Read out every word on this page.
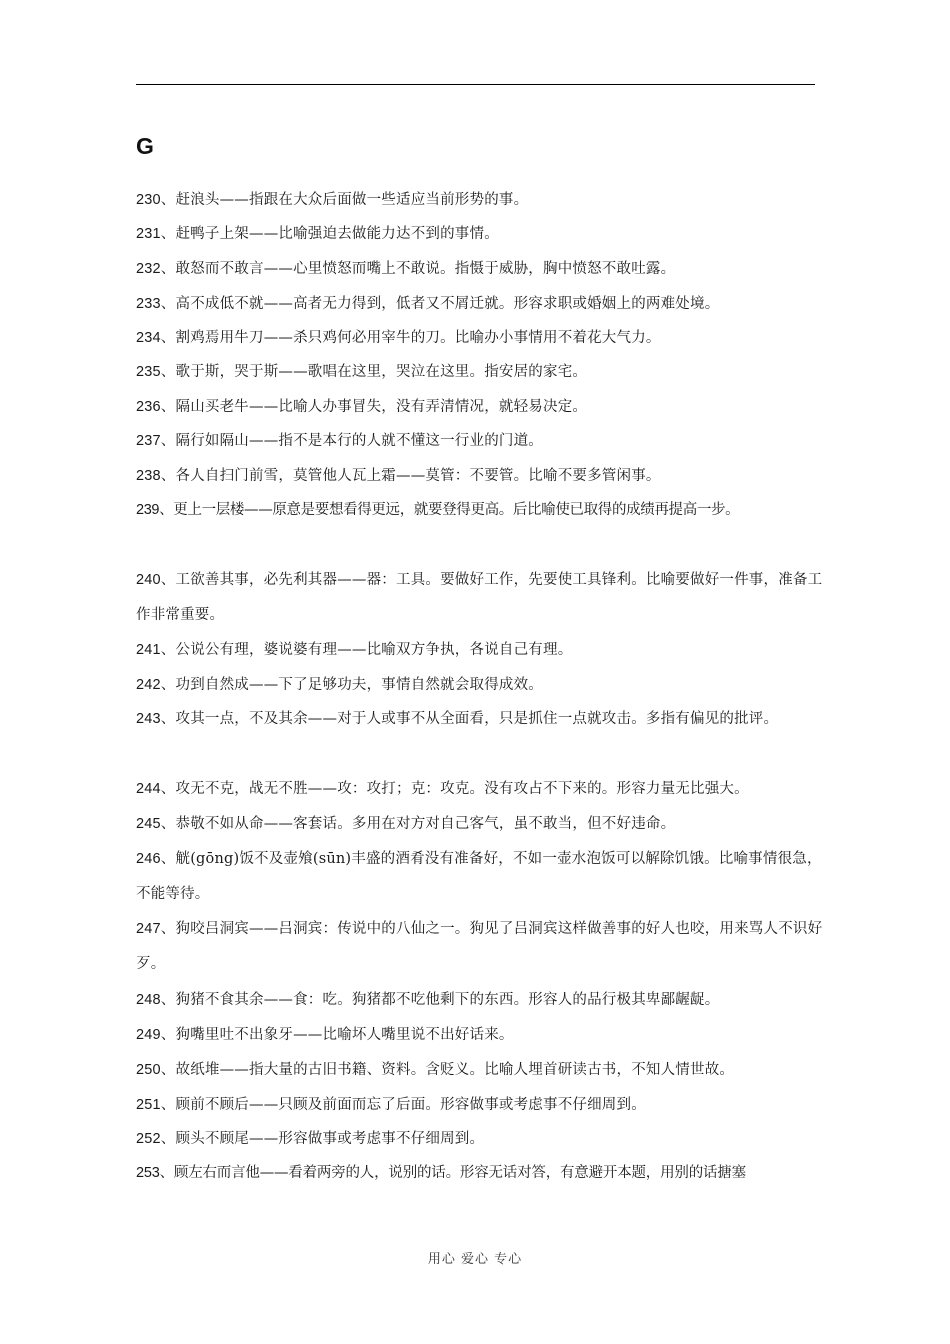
G
230、赶浪头——指跟在大众后面做一些适应当前形势的事。
231、赶鸭子上架——比喻强迫去做能力达不到的事情。
232、敢怒而不敢言——心里愤怒而嘴上不敢说。指慑于威胁，胸中愤怒不敢吐露。
233、高不成低不就——高者无力得到，低者又不屑迁就。形容求职或婚姻上的两难处境。
234、割鸡焉用牛刀——杀只鸡何必用宰牛的刀。比喻办小事情用不着花大气力。
235、歌于斯，哭于斯——歌唱在这里，哭泣在这里。指安居的家宅。
236、隔山买老牛——比喻人办事冒失，没有弄清情况，就轻易决定。
237、隔行如隔山——指不是本行的人就不懂这一行业的门道。
238、各人自扫门前雪，莫管他人瓦上霜——莫管：不要管。比喻不要多管闲事。
239、更上一层楼——原意是要想看得更远，就要登得更高。后比喻使已取得的成绩再提高一步。
240、工欲善其事，必先利其器——器：工具。要做好工作，先要使工具锋利。比喻要做好一件事，准备工作非常重要。
241、公说公有理，婆说婆有理——比喻双方争执，各说自己有理。
242、功到自然成——下了足够功夫，事情自然就会取得成效。
243、攻其一点，不及其余——对于人或事不从全面看，只是抓住一点就攻击。多指有偏见的批评。
244、攻无不克，战无不胜——攻：攻打；克：攻克。没有攻占不下来的。形容力量无比强大。
245、恭敬不如从命——客套话。多用在对方对自己客气，虽不敢当，但不好违命。
246、觥(gōng)饭不及壶飧(sūn)丰盛的酒肴没有准备好，不如一壶水泡饭可以解除饥饿。比喻事情很急，不能等待。
247、狗咬吕洞宾——吕洞宾：传说中的八仙之一。狗见了吕洞宾这样做善事的好人也咬，用来骂人不识好歹。
248、狗猪不食其余——食：吃。狗猪都不吃他剩下的东西。形容人的品行极其卑鄙龌龊。
249、狗嘴里吐不出象牙——比喻坏人嘴里说不出好话来。
250、故纸堆——指大量的古旧书籍、资料。含贬义。比喻人埋首研读古书，不知人情世故。
251、顾前不顾后——只顾及前面而忘了后面。形容做事或考虑事不仔细周到。
252、顾头不顾尾——形容做事或考虑事不仔细周到。
253、顾左右而言他——看着两旁的人，说别的话。形容无话对答，有意避开本题，用别的话搪塞
用心 爱心 专心
